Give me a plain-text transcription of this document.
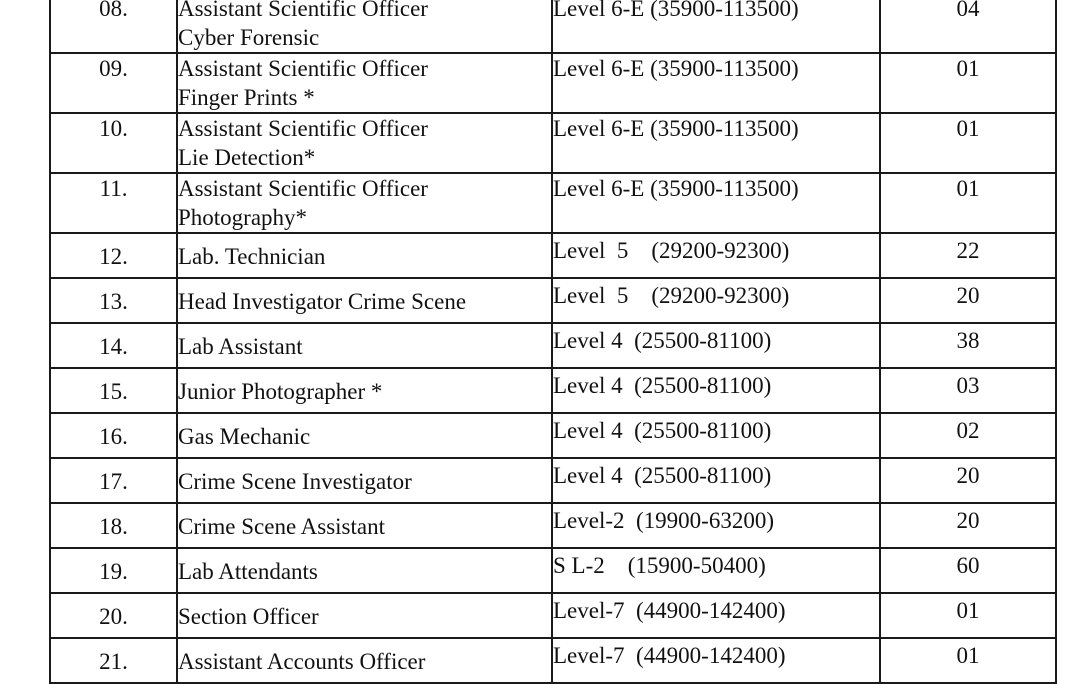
08.	Assistant Scientific Officer
Cyber Forensic	Level 6-E (35900-113500)	04
09.	Assistant Scientific Officer
Finger Prints *	Level 6-E (35900-113500)	01
10.	Assistant Scientific Officer
Lie Detection*	Level 6-E (35900-113500)	01
11.	Assistant Scientific Officer
Photography*	Level 6-E (35900-113500)	01
12.	Lab. Technician	Level  5    (29200-92300)	22
13.	Head Investigator Crime Scene	Level  5    (29200-92300)	20
14.	Lab Assistant	Level 4  (25500-81100)	38
15.	Junior Photographer *	Level 4  (25500-81100)	03
16.	Gas Mechanic	Level 4  (25500-81100)	02
17.	Crime Scene Investigator	Level 4  (25500-81100)	20
18.	Crime Scene Assistant	Level-2  (19900-63200)	20
19.	Lab Attendants	S L-2    (15900-50400)	60
20.	Section Officer	Level-7  (44900-142400)	01
21.	Assistant Accounts Officer	Level-7  (44900-142400)	01
